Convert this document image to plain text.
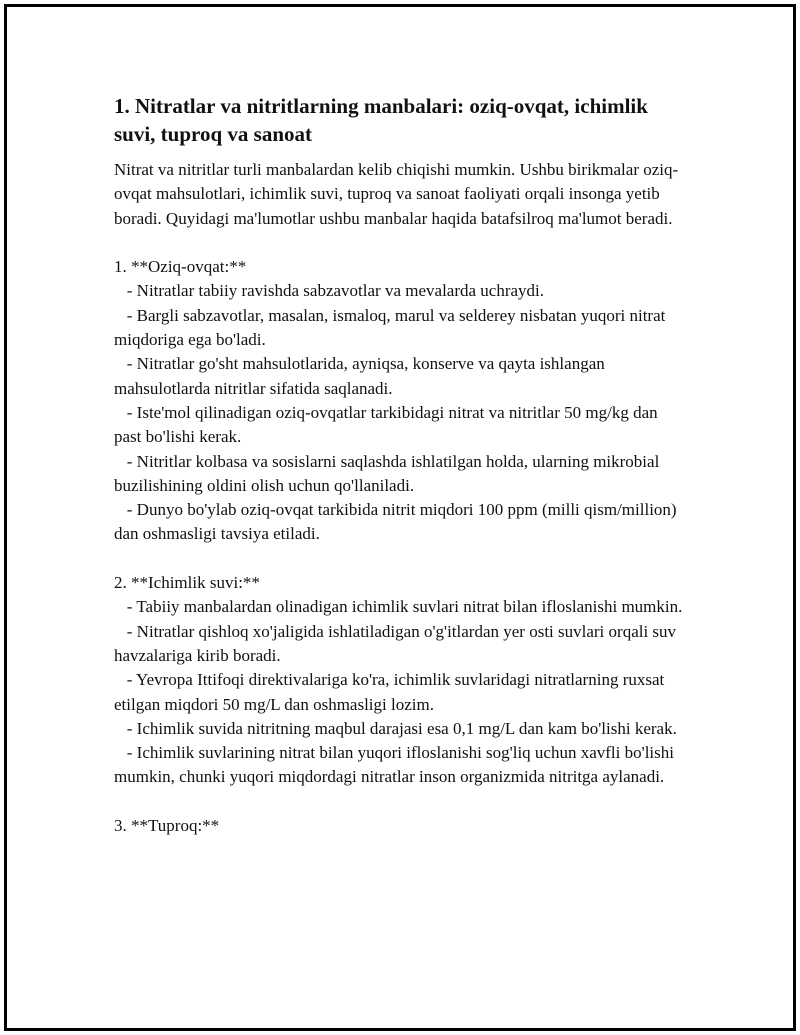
1. Nitratlar va nitritlarning manbalari: oziq-ovqat, ichimlik suvi, tuproq va sanoat
Nitrat va nitritlar turli manbalardan kelib chiqishi mumkin. Ushbu birikmalar oziq-ovqat mahsulotlari, ichimlik suvi, tuproq va sanoat faoliyati orqali insonga yetib boradi. Quyidagi ma'lumotlar ushbu manbalar haqida batafsilroq ma'lumot beradi.

1. **Oziq-ovqat:**
- Nitratlar tabiiy ravishda sabzavotlar va mevalarda uchraydi.
- Bargli sabzavotlar, masalan, ismaloq, marul va selderey nisbatan yuqori nitrat miqdoriga ega bo'ladi.
- Nitratlar go'sht mahsulotlarida, ayniqsa, konserve va qayta ishlangan mahsulotlarda nitritlar sifatida saqlanadi.
- Iste'mol qilinadigan oziq-ovqatlar tarkibidagi nitrat va nitritlar 50 mg/kg dan past bo'lishi kerak.
- Nitritlar kolbasa va sosislarni saqlashda ishlatilgan holda, ularning mikrobial buzilishining oldini olish uchun qo'llaniladi.
- Dunyo bo'ylab oziq-ovqat tarkibida nitrit miqdori 100 ppm (milli qism/million) dan oshmasligi tavsiya etiladi.

2. **Ichimlik suvi:**
- Tabiiy manbalardan olinadigan ichimlik suvlari nitrat bilan ifloslanishi mumkin.
- Nitratlar qishloq xo'jaligida ishlatiladigan o'g'itlardan yer osti suvlari orqali suv havzalariga kirib boradi.
- Yevropa Ittifoqi direktivalariga ko'ra, ichimlik suvlaridagi nitratlarning ruxsat etilgan miqdori 50 mg/L dan oshmasligi lozim.
- Ichimlik suvida nitritning maqbul darajasi esa 0,1 mg/L dan kam bo'lishi kerak.
- Ichimlik suvlarining nitrat bilan yuqori ifloslanishi sog'liq uchun xavfli bo'lishi mumkin, chunki yuqori miqdordagi nitratlar inson organizmida nitritga aylanadi.

3. **Tuproq:**
